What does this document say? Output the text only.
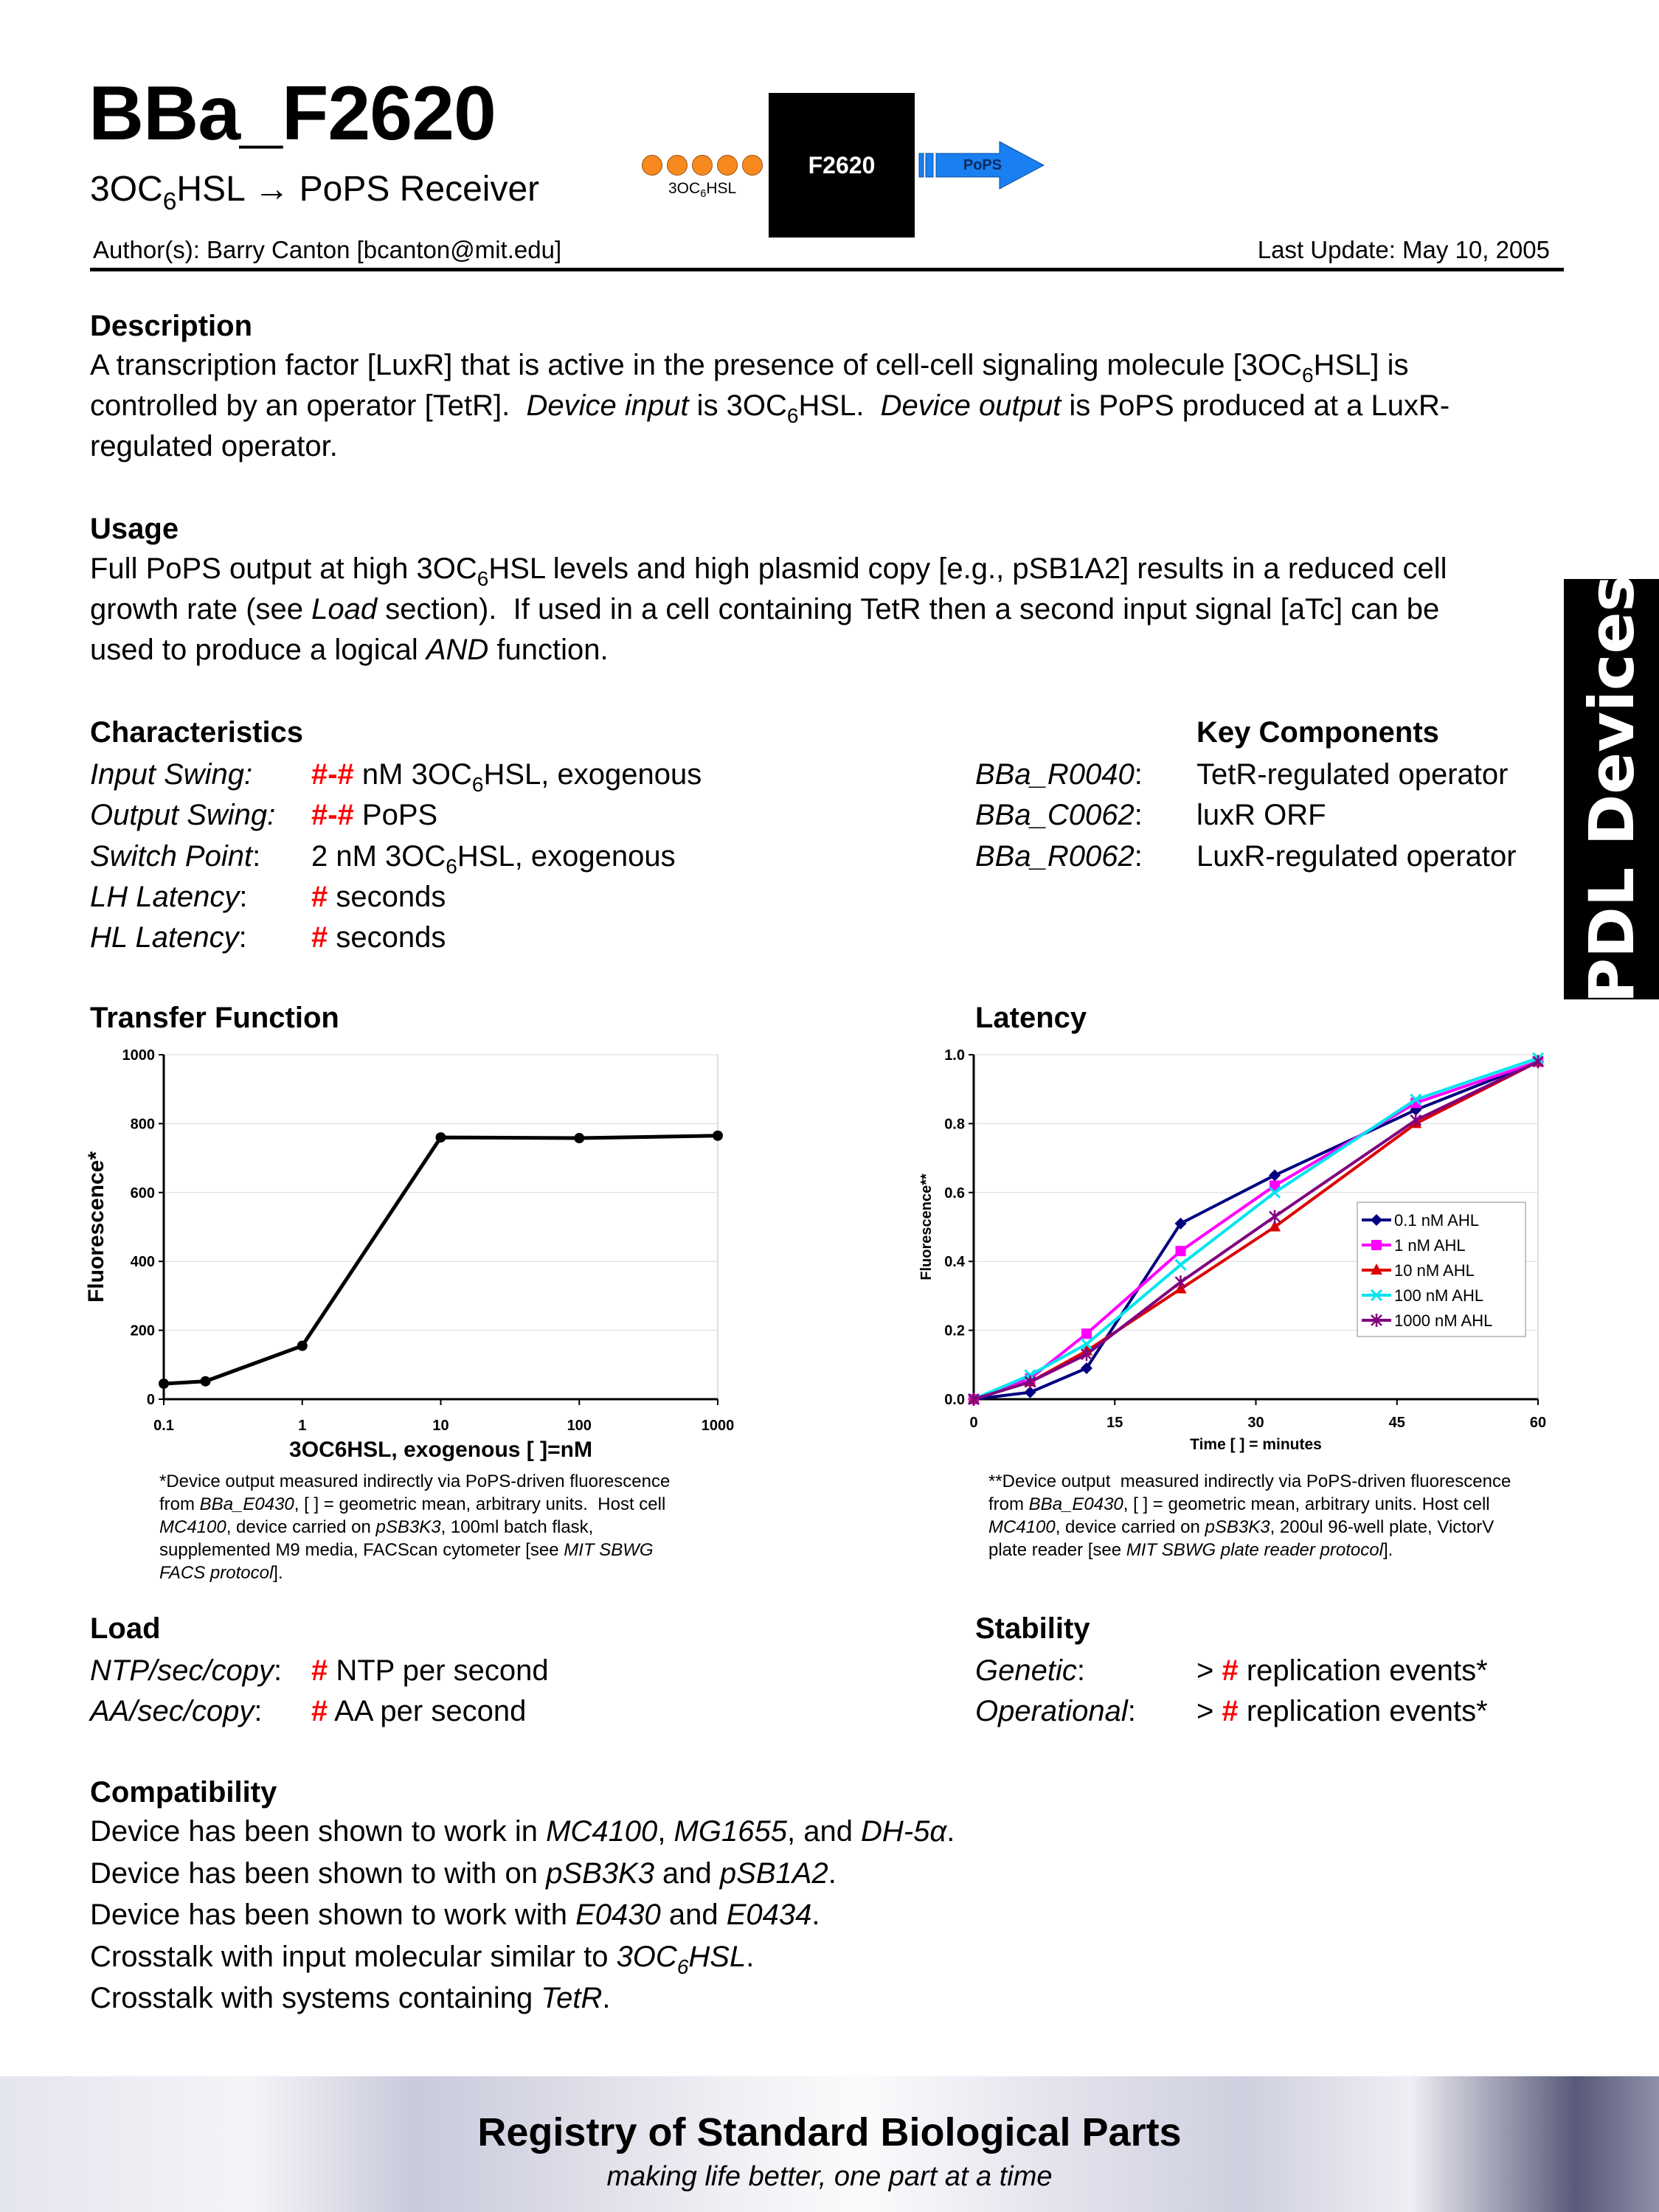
BBa_F2620
$3OC_6HSL$ → PoPS Receiver
Author(s): Barry Canton [bcanton@mit.edu]	Last Update: May 10, 2005
$3OC_6HSL$
F2620	PoPS
PDL Devices
Description
A transcription factor [LuxR] that is active in the presence of cell-cell signaling molecule $[3OC_6HSL]$ is
controlled by an operator [TetR].  Device input is $3OC_6HSL$.  Device output is PoPS produced at a LuxR-
regulated operator.
Usage
Full PoPS output at high $3OC_6HSL$ levels and high plasmid copy [e.g., pSB1A2] results in a reduced cell
growth rate (see Load section).  If used in a cell containing TetR then a second input signal [aTc] can be
used to produce a logical AND function.
Characteristics
Input Swing: #-# nM $3OC_6HSL$, exogenous
Output Swing: #-# PoPS
Switch Point: 2 nM $3OC_6HSL$, exogenous
LH Latency: # seconds
HL Latency: # seconds
Key Components
BBa_R0040: TetR-regulated operator
BBa_C0062: luxR ORF
BBa_R0062: LuxR-regulated operator
Transfer Function	Latency
0
200
400
600
800
1000
0.1	1	10	100	1000
3OC6HSL, exogenous [ ]=nM
Fluorescence*
0.0
0.2
0.4
0.6
0.8
1.0
0	15	30	45	60
Time [ ] = minutes
Fluorescence**	0.1 nM AHL
1 nM AHL
10 nM AHL
100 nM AHL
1000 nM AHL
*Device output measured indirectly via PoPS-driven fluorescence
from BBa_E0430, [ ] = geometric mean, arbitrary units.  Host cell
MC4100, device carried on pSB3K3, 100ml batch flask,
supplemented M9 media, FACScan cytometer [see MIT SBWG
FACS protocol].
**Device output  measured indirectly via PoPS-driven fluorescence
from BBa_E0430, [ ] = geometric mean, arbitrary units. Host cell
MC4100, device carried on pSB3K3, 200ul 96-well plate, VictorV
plate reader [see MIT SBWG plate reader protocol].
Load	Stability
NTP/sec/copy: # NTP per second
AA/sec/copy: # AA per second
Genetic:	> # replication events*
Operational: > # replication events*
Compatibility
Device has been shown to work in MC4100, MG1655, and DH-5α.
Device has been shown to with on pSB3K3 and pSB1A2.
Device has been shown to work with E0430 and E0434.
Crosstalk with input molecular similar to $3OC_6HSL$.
Crosstalk with systems containing TetR.
Registry of Standard Biological Parts
making life better, one part at a time
